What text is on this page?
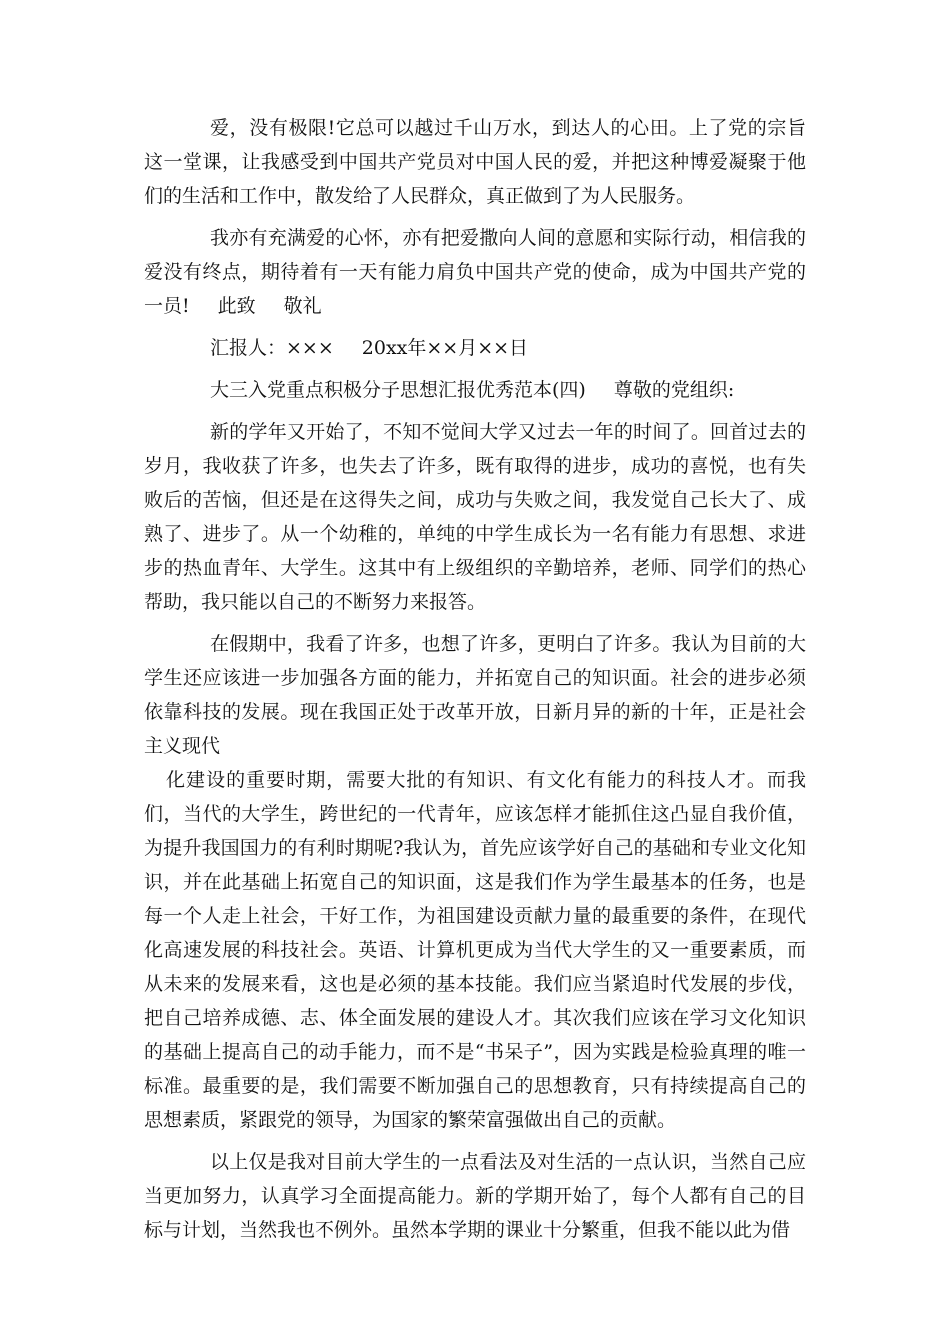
爱，没有极限!它总可以越过千山万水，到达人的心田。上了党的宗旨这一堂课，让我感受到中国共产党员对中国人民的爱，并把这种博爱凝聚于他们的生活和工作中，散发给了人民群众，真正做到了为人民服务。

我亦有充满爱的心怀，亦有把爱撒向人间的意愿和实际行动，相信我的爱没有终点，期待着有一天有能力肩负中国共产党的使命，成为中国共产党的一员! 此致 敬礼

汇报人：××× 20xx年××月××日

大三入党重点积极分子思想汇报优秀范本(四) 尊敬的党组织:

新的学年又开始了，不知不觉间大学又过去一年的时间了。回首过去的岁月，我收获了许多，也失去了许多，既有取得的进步，成功的喜悦，也有失败后的苦恼，但还是在这得失之间，成功与失败之间，我发觉自己长大了、成熟了、进步了。从一个幼稚的，单纯的中学生成长为一名有能力有思想、求进步的热血青年、大学生。这其中有上级组织的辛勤培养，老师、同学们的热心帮助，我只能以自己的不断努力来报答。

在假期中，我看了许多，也想了许多，更明白了许多。我认为目前的大学生还应该进一步加强各方面的能力，并拓宽自己的知识面。社会的进步必须依靠科技的发展。现在我国正处于改革开放，日新月异的新的十年，正是社会主义现代

化建设的重要时期，需要大批的有知识、有文化有能力的科技人才。而我们，当代的大学生，跨世纪的一代青年，应该怎样才能抓住这凸显自我价值，为提升我国国力的有利时期呢?我认为，首先应该学好自己的基础和专业文化知识，并在此基础上拓宽自己的知识面，这是我们作为学生最基本的任务，也是每一个人走上社会，干好工作，为祖国建设贡献力量的最重要的条件，在现代化高速发展的科技社会。英语、计算机更成为当代大学生的又一重要素质，而从未来的发展来看，这也是必须的基本技能。我们应当紧追时代发展的步伐，把自己培养成德、志、体全面发展的建设人才。其次我们应该在学习文化知识的基础上提高自己的动手能力，而不是“书呆子”，因为实践是检验真理的唯一标准。最重要的是，我们需要不断加强自己的思想教育，只有持续提高自己的思想素质，紧跟党的领导，为国家的繁荣富强做出自己的贡献。

以上仅是我对目前大学生的一点看法及对生活的一点认识，当然自己应当更加努力，认真学习全面提高能力。新的学期开始了，每个人都有自己的目标与计划，当然我也不例外。虽然本学期的课业十分繁重，但我不能以此为借
